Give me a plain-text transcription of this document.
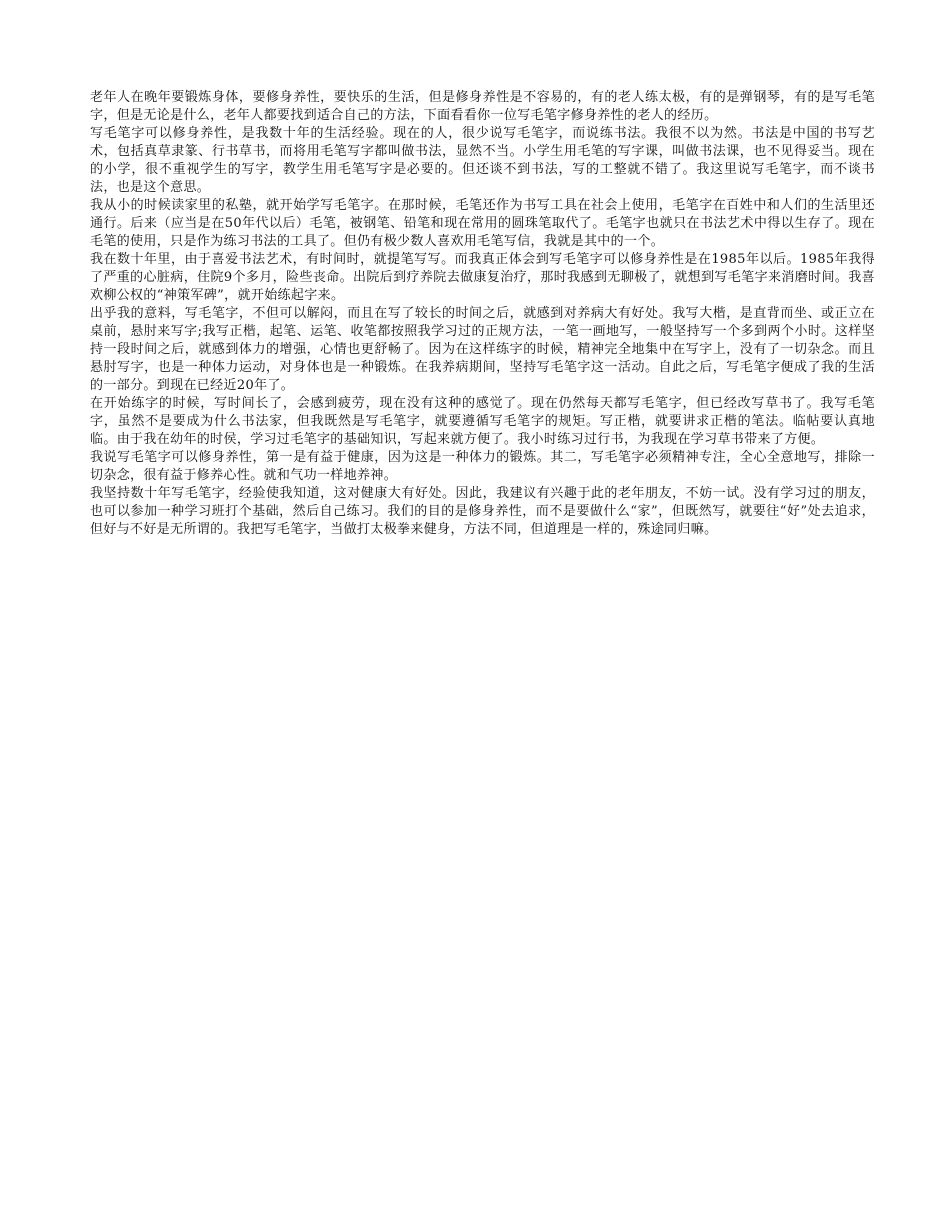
老年人在晚年要锻炼身体，要修身养性，要快乐的生活，但是修身养性是不容易的，有的老人练太极，有的是弹钢琴，有的是写毛笔字，但是无论是什么，老年人都要找到适合自己的方法，下面看看你一位写毛笔字修身养性的老人的经历。

写毛笔字可以修身养性，是我数十年的生活经验。现在的人，很少说写毛笔字，而说练书法。我很不以为然。书法是中国的书写艺术，包括真草隶篆、行书草书，而将用毛笔写字都叫做书法，显然不当。小学生用毛笔的写字课，叫做书法课，也不见得妥当。现在的小学，很不重视学生的写字，教学生用毛笔写字是必要的。但还谈不到书法，写的工整就不错了。我这里说写毛笔字，而不谈书法，也是这个意思。

我从小的时候读家里的私塾，就开始学写毛笔字。在那时候，毛笔还作为书写工具在社会上使用，毛笔字在百姓中和人们的生活里还通行。后来（应当是在50年代以后）毛笔，被钢笔、铅笔和现在常用的圆珠笔取代了。毛笔字也就只在书法艺术中得以生存了。现在毛笔的使用，只是作为练习书法的工具了。但仍有极少数人喜欢用毛笔写信，我就是其中的一个。

我在数十年里，由于喜爱书法艺术，有时间时，就提笔写写。而我真正体会到写毛笔字可以修身养性是在1985年以后。1985年我得了严重的心脏病，住院9个多月，险些丧命。出院后到疗养院去做康复治疗，那时我感到无聊极了，就想到写毛笔字来消磨时间。我喜欢柳公权的“神策军碑”，就开始练起字来。

出乎我的意料，写毛笔字，不但可以解闷，而且在写了较长的时间之后，就感到对养病大有好处。我写大楷，是直背而坐、或正立在桌前，悬肘来写字;我写正楷，起笔、运笔、收笔都按照我学习过的正规方法，一笔一画地写，一般坚持写一个多到两个小时。这样坚持一段时间之后，就感到体力的增强，心情也更舒畅了。因为在这样练字的时候，精神完全地集中在写字上，没有了一切杂念。而且悬肘写字，也是一种体力运动，对身体也是一种锻炼。在我养病期间，坚持写毛笔字这一活动。自此之后，写毛笔字便成了我的生活的一部分。到现在已经近20年了。

在开始练字的时候，写时间长了，会感到疲劳，现在没有这种的感觉了。现在仍然每天都写毛笔字，但已经改写草书了。我写毛笔字，虽然不是要成为什么书法家，但我既然是写毛笔字，就要遵循写毛笔字的规矩。写正楷，就要讲求正楷的笔法。临帖要认真地临。由于我在幼年的时侯，学习过毛笔字的基础知识，写起来就方便了。我小时练习过行书，为我现在学习草书带来了方便。

我说写毛笔字可以修身养性，第一是有益于健康，因为这是一种体力的锻炼。其二，写毛笔字必须精神专注，全心全意地写，排除一切杂念，很有益于修养心性。就和气功一样地养神。

我坚持数十年写毛笔字，经验使我知道，这对健康大有好处。因此，我建议有兴趣于此的老年朋友，不妨一试。没有学习过的朋友，也可以参加一种学习班打个基础，然后自己练习。我们的目的是修身养性，而不是要做什么“家”，但既然写，就要往“好”处去追求，但好与不好是无所谓的。我把写毛笔字，当做打太极拳来健身，方法不同，但道理是一样的，殊途同归嘛。
